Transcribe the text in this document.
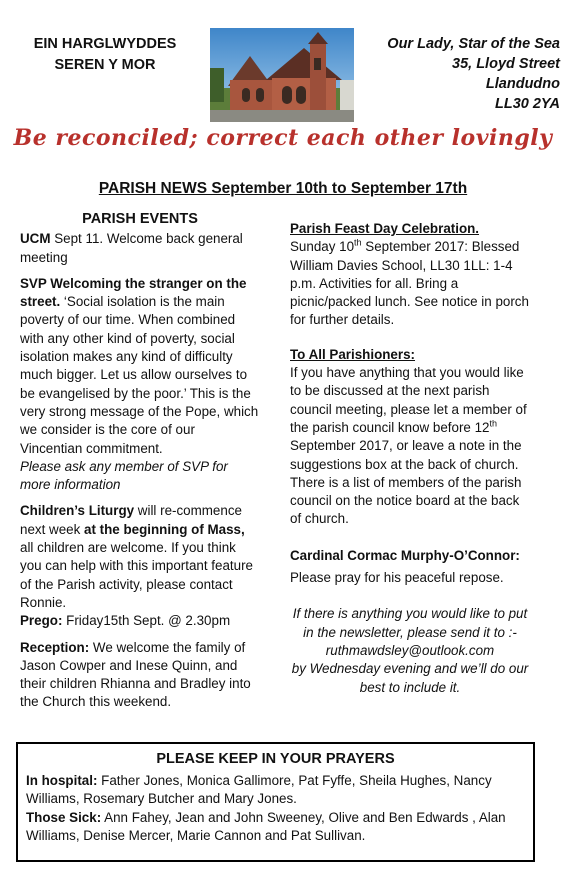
EIN HARGLWYDDES
SEREN Y MOR
Our Lady, Star of the Sea
35, Lloyd Street
Llandudno
LL30 2YA
Be reconciled; correct each other lovingly
PARISH NEWS September 10th to September 17th
PARISH EVENTS

UCM Sept 11. Welcome back general meeting

SVP Welcoming the stranger on the street. ‘Social isolation is the main poverty of our time. When combined with any other kind of poverty, social isolation makes any kind of difficulty much bigger. Let us allow ourselves to be evangelised by the poor.’ This is the very strong message of the Pope, which we consider is the core of our Vincentian commitment.
Please ask any member of SVP for more information

Children’s Liturgy will re-commence next week at the beginning of Mass, all children are welcome. If you think you can help with this important feature of the Parish activity, please contact Ronnie.
Prego: Friday15th Sept. @ 2.30pm

Reception: We welcome the family of Jason Cowper and Inese Quinn, and their children Rhianna and Bradley into the Church this weekend.

Parish Feast Day Celebration.

Sunday 10th September 2017: Blessed William Davies School, LL30 1LL: 1-4 p.m. Activities for all. Bring a picnic/packed lunch. See notice in porch for further details.

To All Parishioners:

If you have anything that you would like to be discussed at the next parish council meeting, please let a member of the parish council know before 12th September 2017, or leave a note in the suggestions box at the back of church. There is a list of members of the parish council on the notice board at the back of church.

Cardinal Cormac Murphy-O’Connor:
Please pray for his peaceful repose.
If there is anything you would like to put in the newsletter, please send it to :-
ruthmawdsley@outlook.com
by Wednesday evening and we’ll do our best to include it.
PLEASE KEEP IN YOUR PRAYERS
In hospital: Father Jones, Monica Gallimore, Pat Fyffe, Sheila Hughes, Nancy Williams, Rosemary Butcher and Mary Jones.
Those Sick: Ann Fahey, Jean and John Sweeney, Olive and Ben Edwards , Alan Williams, Denise Mercer, Marie Cannon and Pat Sullivan.
